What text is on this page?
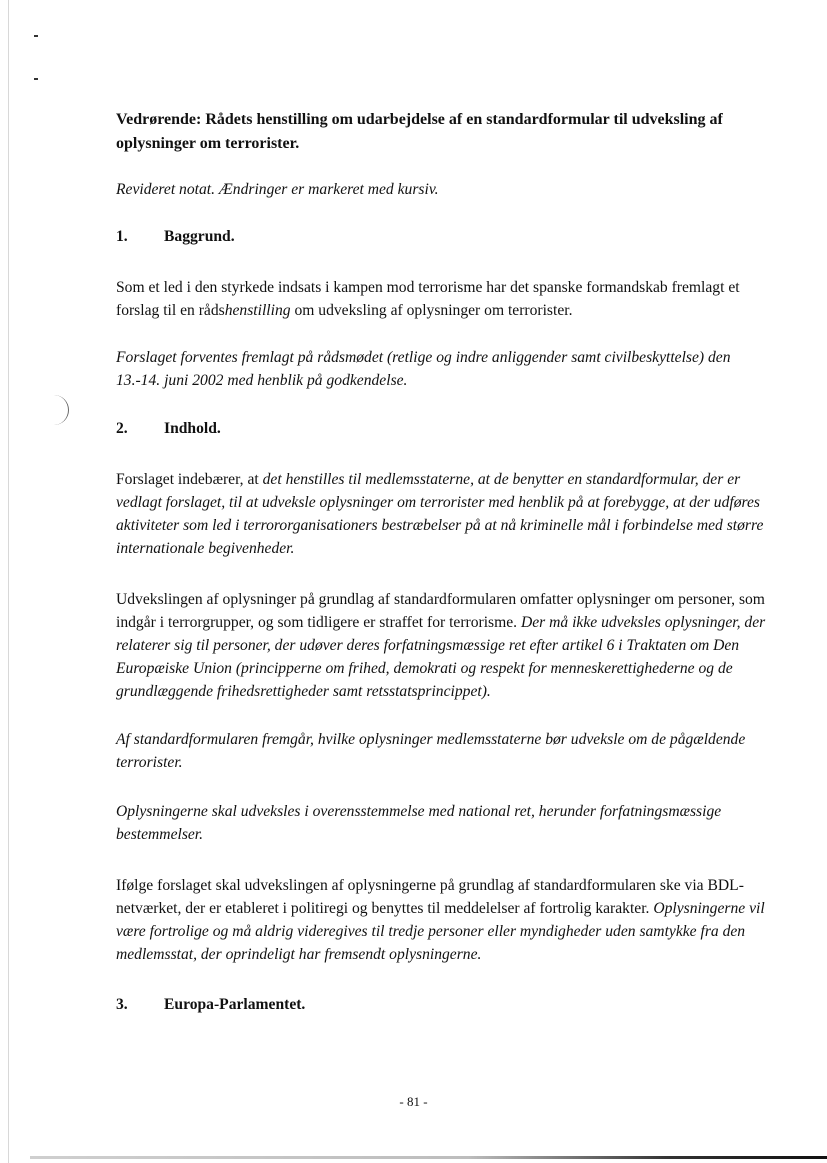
Vedrørende: Rådets henstilling om udarbejdelse af en standardformular til udveksling af oplysninger om terrorister.
Revideret notat. Ændringer er markeret med kursiv.
1. Baggrund.
Som et led i den styrkede indsats i kampen mod terrorisme har det spanske formandskab fremlagt et forslag til en rådshenstilling om udveksling af oplysninger om terrorister.
Forslaget forventes fremlagt på rådsmødet (retlige og indre anliggender samt civilbeskyttelse) den 13.-14. juni 2002 med henblik på godkendelse.
2. Indhold.
Forslaget indebærer, at det henstilles til medlemsstaterne, at de benytter en standardformular, der er vedlagt forslaget, til at udveksle oplysninger om terrorister med henblik på at forebygge, at der udføres aktiviteter som led i terrororganisationers bestræbelser på at nå kriminelle mål i forbindelse med større internationale begivenheder.
Udvekslingen af oplysninger på grundlag af standardformularen omfatter oplysninger om personer, som indgår i terrorgrupper, og som tidligere er straffet for terrorisme. Der må ikke udveksles oplysninger, der relaterer sig til personer, der udøver deres forfatningsmæssige ret efter artikel 6 i Traktaten om Den Europæiske Union (principperne om frihed, demokrati og respekt for menneskerettighederne og de grundlæggende frihedsrettigheder samt retsstatsprincippet).
Af standardformularen fremgår, hvilke oplysninger medlemsstaterne bør udveksle om de pågældende terrorister.
Oplysningerne skal udveksles i overensstemmelse med national ret, herunder forfatningsmæssige bestemmelser.
Ifølge forslaget skal udvekslingen af oplysningerne på grundlag af standardformularen ske via BDL-netværket, der er etableret i politiregi og benyttes til meddelelser af fortrolig karakter. Oplysningerne vil være fortrolige og må aldrig videregives til tredje personer eller myndigheder uden samtykke fra den medlemsstat, der oprindeligt har fremsendt oplysningerne.
3. Europa-Parlamentet.
- 81 -
